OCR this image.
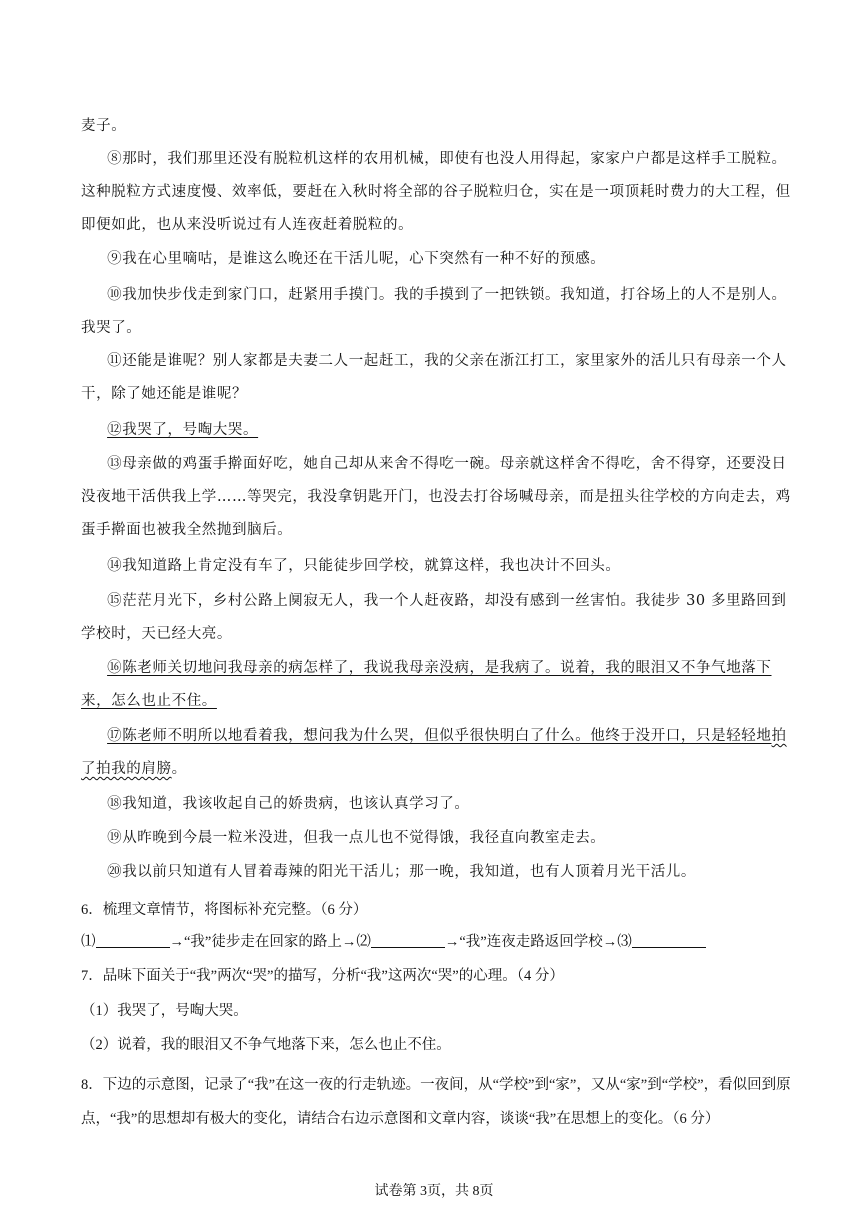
麦子。
⑧那时，我们那里还没有脱粒机这样的农用机械，即使有也没人用得起，家家户户都是这样手工脱粒。这种脱粒方式速度慢、效率低，要赶在入秋时将全部的谷子脱粒归仓，实在是一项顶耗时费力的大工程，但即便如此，也从来没听说过有人连夜赶着脱粒的。
⑨我在心里嘀咕，是谁这么晚还在干活儿呢，心下突然有一种不好的预感。
⑩我加快步伐走到家门口，赶紧用手摸门。我的手摸到了一把铁锁。我知道，打谷场上的人不是别人。我哭了。
⑪还能是谁呢？别人家都是夫妻二人一起赶工，我的父亲在浙江打工，家里家外的活儿只有母亲一个人干，除了她还能是谁呢？
⑫我哭了，号啕大哭。
⑬母亲做的鸡蛋手擀面好吃，她自己却从来舍不得吃一碗。母亲就这样舍不得吃，舍不得穿，还要没日没夜地干活供我上学……等哭完，我没拿钥匙开门，也没去打谷场喊母亲，而是扭头往学校的方向走去，鸡蛋手擀面也被我全然抛到脑后。
⑭我知道路上肯定没有车了，只能徒步回学校，就算这样，我也决计不回头。
⑮茫茫月光下，乡村公路上阒寂无人，我一个人赶夜路，却没有感到一丝害怕。我徒步 30 多里路回到学校时，天已经大亮。
⑯陈老师关切地问我母亲的病怎样了，我说我母亲没病，是我病了。说着，我的眼泪又不争气地落下来，怎么也止不住。
⑰陈老师不明所以地看着我，想问我为什么哭，但似乎很快明白了什么。他终于没开口，只是轻轻地拍了拍我的肩膀。
⑱我知道，我该收起自己的娇贵病，也该认真学习了。
⑲从昨晚到今晨一粒米没进，但我一点儿也不觉得饿，我径直向教室走去。
⑳我以前只知道有人冒着毒辣的阳光干活儿；那一晚，我知道，也有人顶着月光干活儿。
6．梳理文章情节，将图标补充完整。（6 分）
⑴	→“我”徒步走在回家的路上→⑵	→“我”连夜走路返回学校→⑶
7．品味下面关于“我”两次“哭”的描写，分析“我”这两次“哭”的心理。（4 分）
（1）我哭了，号啕大哭。
（2）说着，我的眼泪又不争气地落下来，怎么也止不住。
8．下边的示意图，记录了“我”在这一夜的行走轨迹。一夜间，从“学校”到“家”，又从“家”到“学校”，看似回到原点，“我”的思想却有极大的变化，请结合右边示意图和文章内容，谈谈“我”在思想上的变化。（6 分）
试卷第 3页，共 8页
